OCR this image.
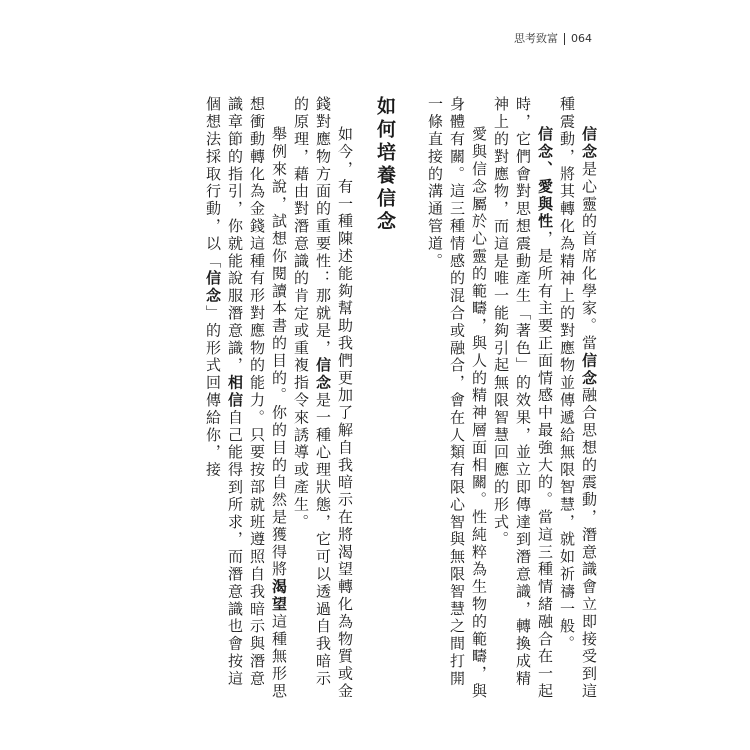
思考致富 064
信念是心靈的首席化學家。當信念融合思想的震動，潛意識會立即接受到這種震動，將其轉化為精神上的對應物並傳遞給無限智慧，就如祈禱一般。
信念、愛與性，是所有主要正面情感中最強大的。當這三種情緒融合在一起時，它們會對思想震動產生「著色」的效果，並立即傳達到潛意識，轉換成精神上的對應物，而這是唯一能夠引起無限智慧回應的形式。
愛與信念屬於心靈的範疇，與人的精神層面相關。性純粹為生物的範疇，與身體有關。這三種情感的混合或融合，會在人類有限心智與無限智慧之間打開一條直接的溝通管道。
如何培養信念
如今，有一種陳述能夠幫助我們更加了解自我暗示在將渴望轉化為物質或金錢對應物方面的重要性：那就是，信念是一種心理狀態，它可以透過自我暗示的原理，藉由對潛意識的肯定或重複指令來誘導或產生。
舉例來說，試想你閱讀本書的目的。你的目的自然是獲得將渴望這種無形思想衝動轉化為金錢這種有形對應物的能力。只要按部就班遵照自我暗示與潛意識章節的指引，你就能說服潛意識，相信自己能得到所求，而潛意識也會按這個想法採取行動，以「信念」的形式回傳給你，接
